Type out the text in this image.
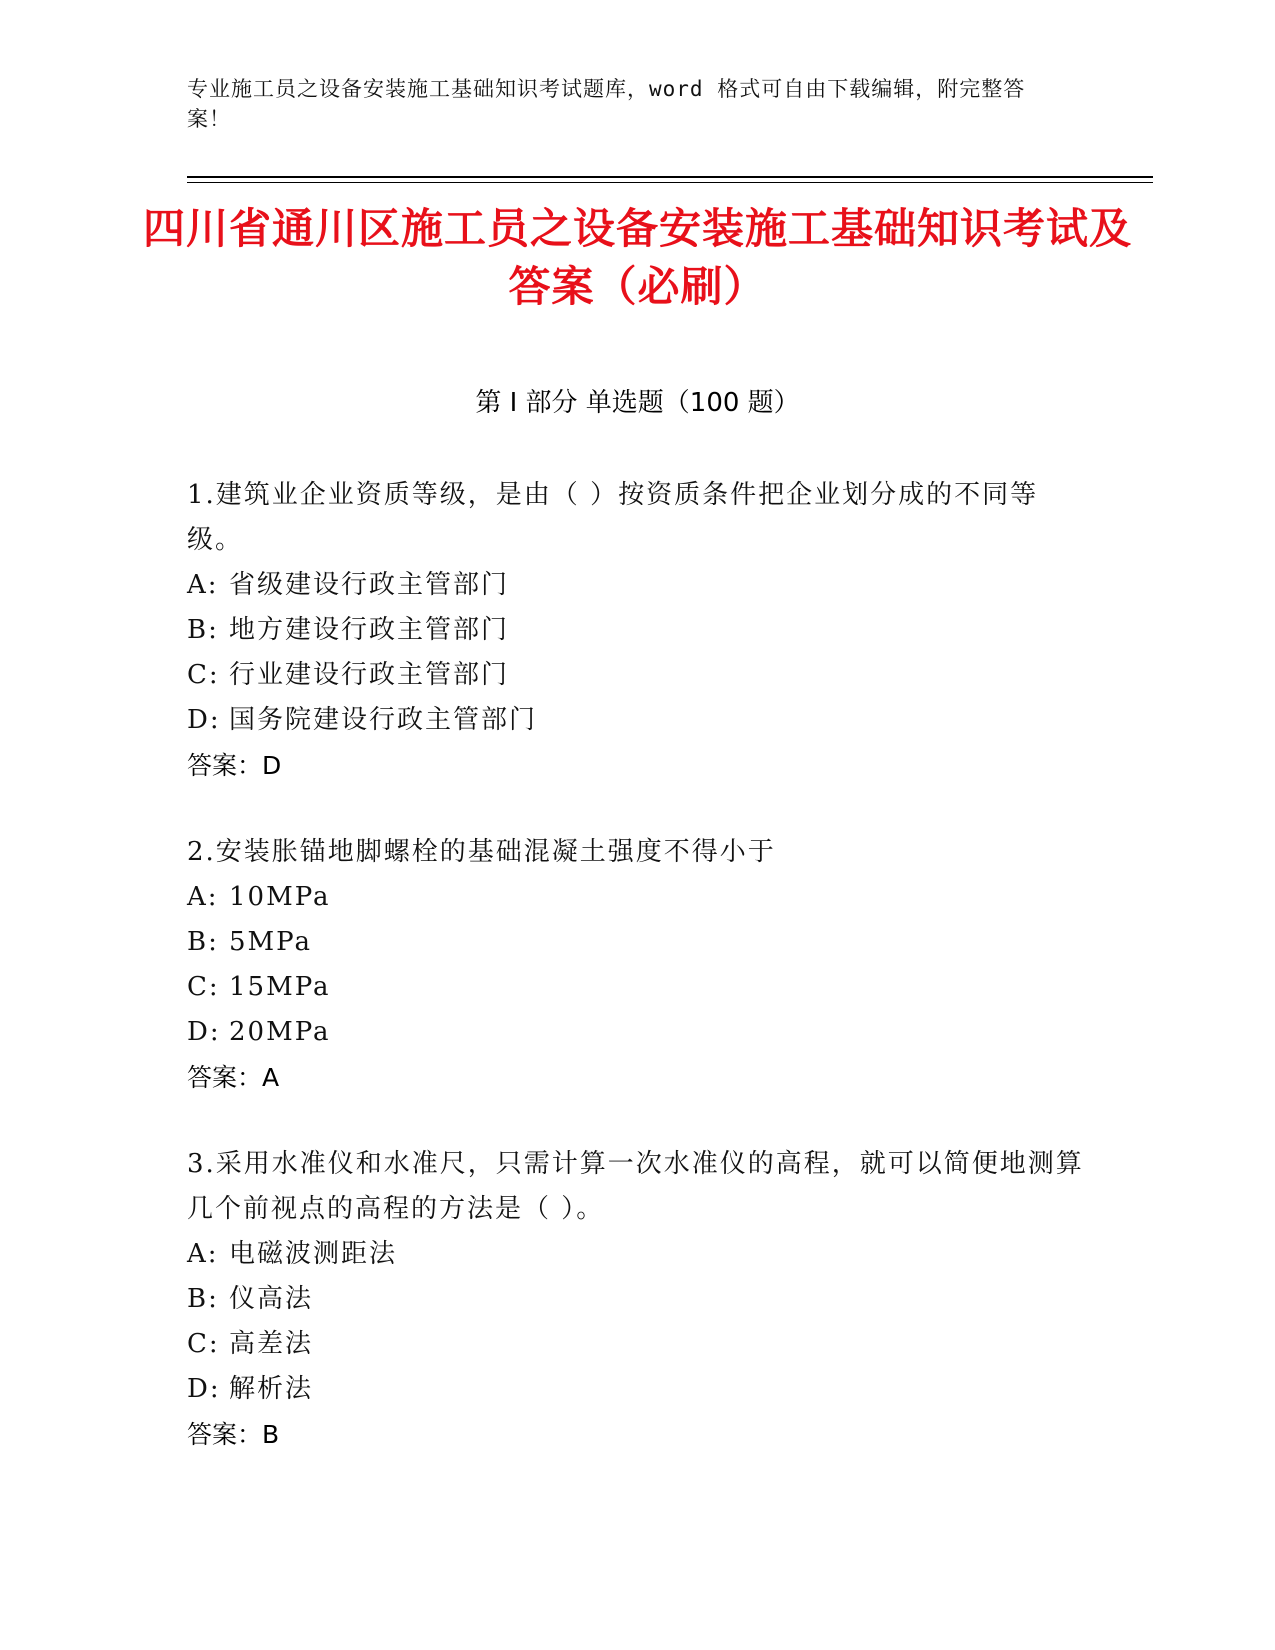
专业施工员之设备安装施工基础知识考试题库，word 格式可自由下载编辑，附完整答案！
四川省通川区施工员之设备安装施工基础知识考试及答案（必刷）
第 I 部分 单选题（100 题）
1.建筑业企业资质等级，是由（ ）按资质条件把企业划分成的不同等级。
A: 省级建设行政主管部门
B: 地方建设行政主管部门
C: 行业建设行政主管部门
D: 国务院建设行政主管部门
答案：D
2.安装胀锚地脚螺栓的基础混凝土强度不得小于
A: 10MPa
B: 5MPa
C: 15MPa
D: 20MPa
答案：A
3.采用水准仪和水准尺，只需计算一次水准仪的高程，就可以简便地测算几个前视点的高程的方法是（ ）。
A: 电磁波测距法
B: 仪高法
C: 高差法
D: 解析法
答案：B
